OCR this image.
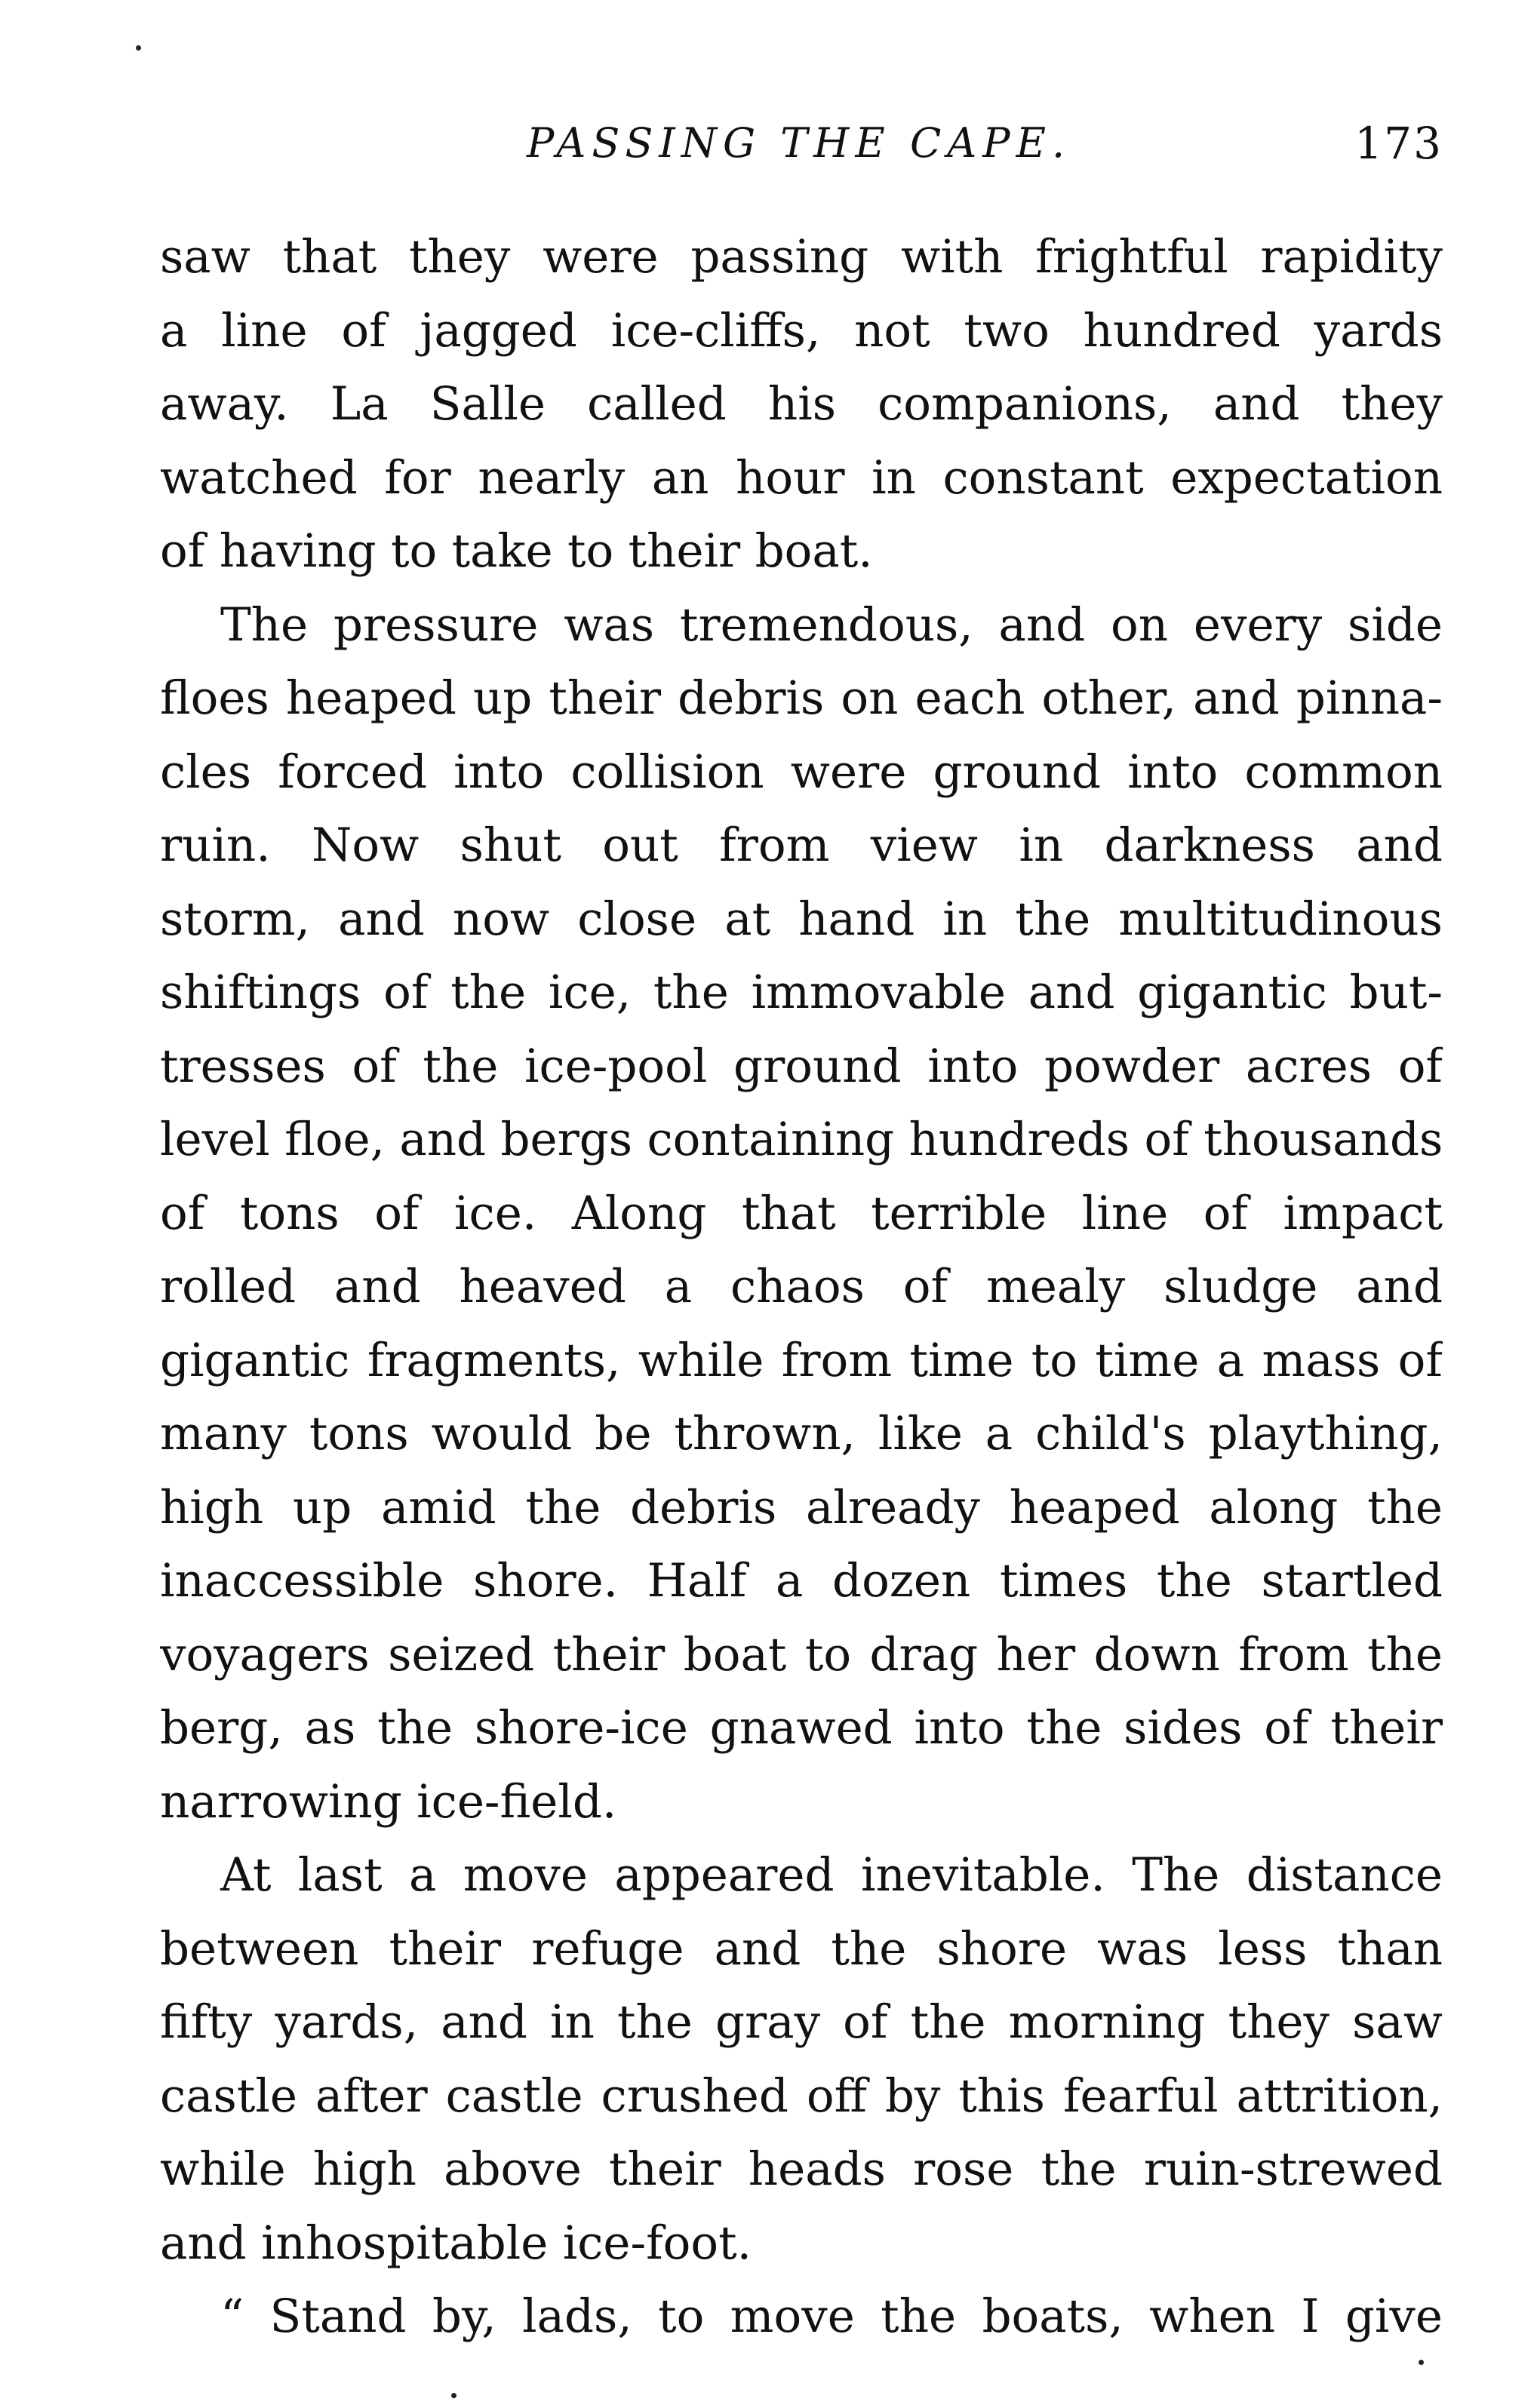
PASSING THE CAPE.	173
saw that they were passing with frightful rapidity
a line of jagged ice-cliffs, not two hundred yards
away. La Salle called his companions, and they
watched for nearly an hour in constant expectation
of having to take to their boat.
The pressure was tremendous, and on every side
floes heaped up their debris on each other, and pinna-
cles forced into collision were ground into common
ruin. Now shut out from view in darkness and
storm, and now close at hand in the multitudinous
shiftings of the ice, the immovable and gigantic but-
tresses of the ice-pool ground into powder acres of
level floe, and bergs containing hundreds of thousands
of tons of ice. Along that terrible line of impact
rolled and heaved a chaos of mealy sludge and
gigantic fragments, while from time to time a mass of
many tons would be thrown, like a child's plaything,
high up amid the debris already heaped along the
inaccessible shore. Half a dozen times the startled
voyagers seized their boat to drag her down from the
berg, as the shore-ice gnawed into the sides of their
narrowing ice-field.
At last a move appeared inevitable. The distance
between their refuge and the shore was less than
fifty yards, and in the gray of the morning they saw
castle after castle crushed off by this fearful attrition,
while high above their heads rose the ruin-strewed
and inhospitable ice-foot.
“ Stand by, lads, to move the boats, when I give
